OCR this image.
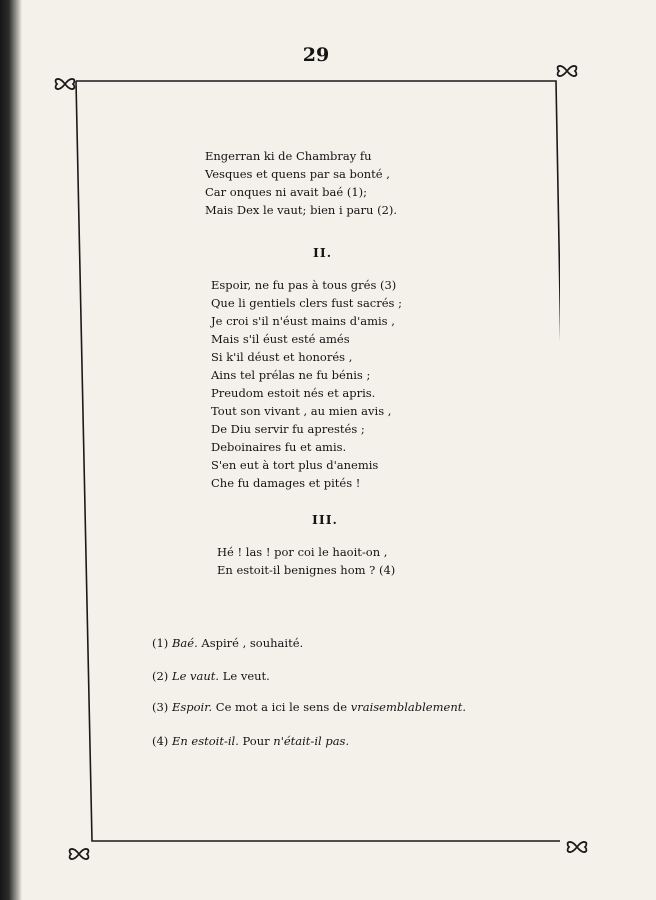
29
Engerran ki de Chambray fu
Vesques et quens par sa bonté ,
Car onques ni avait baé (1);
Mais Dex le vaut; bien i paru (2).
II.
Espoir, ne fu pas à tous grés (3)
Que li gentiels clers fust sacrés ;
Je croi s'il n'éust mains d'amis ,
Mais s'il éust esté amés
Si k'il déust et honorés ,
Ains tel prélas ne fu bénis ;
Preudom estoit nés et apris.
Tout son vivant , au mien avis ,
De Diu servir fu aprestés ;
Deboinaires fu et amis.
S'en eut à tort plus d'anemis
Che fu damages et pités !
III.
Hé ! las ! por coi le haoit-on ,
En estoit-il benignes hom ? (4)
(1) Baé. Aspiré , souhaité.
(2) Le vaut. Le veut.
(3) Espoir. Ce mot a ici le sens de vraisemblablement.
(4) En estoit-il. Pour n'était-il pas.
